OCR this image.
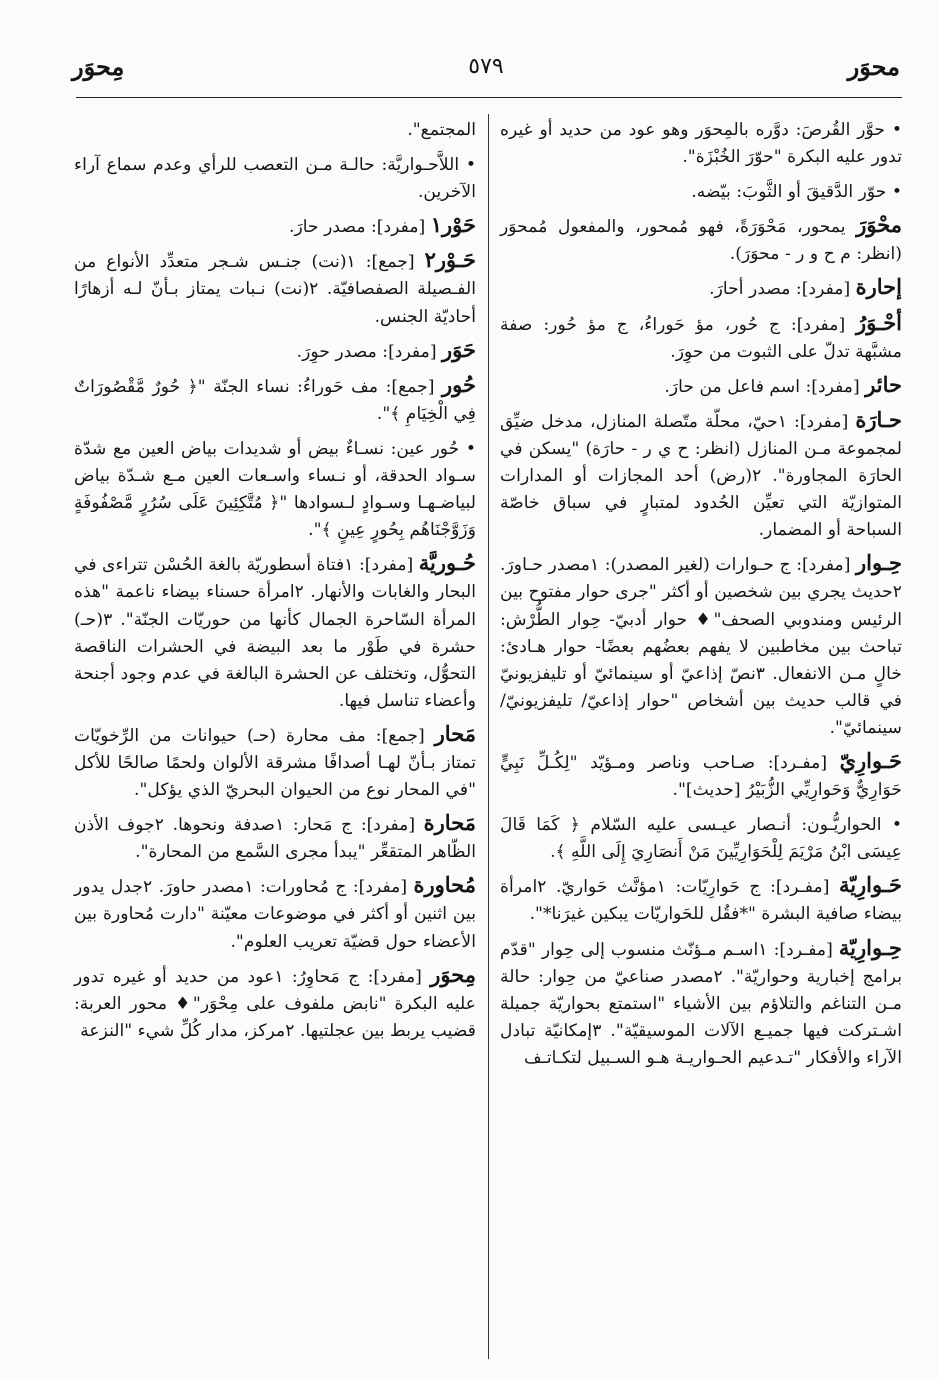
محوَر
٥٧٩
مِحوَر

• حوَّر القُرصَ: دوَّره بالمِحوَر وهو عود من حديد أو غيره تدور عليه البكرة "حوّرَ الخُبْزَة".

• حوّر الدَّقيقَ أو الثَّوبَ: بيّضه.

محْوَرَ يمحور، مَحْوَرَةً، فهو مُمحور، والمفعول مُمحوَر (انظر: م ح و ر - محوَرَ).

إحارة [مفرد]: مصدر أحارَ.

أحْـوَرُ [مفرد]: ج حُور، مؤ حَوراءُ، ج مؤ حُور: صفة مشبَّهة تدلّ على الثبوت من حوِرَ.

حائر [مفرد]: اسم فاعل من حارَ.

حـارَة [مفرد]: ١حيّ، محلّة متّصلة المنازل، مدخل ضيِّق لمجموعة مـن المنازل (انظر: ح ي ر - حارَة) "يسكن في الحارَة المجاورة". ٢(رض) أحد المجازات أو المدارات المتوازيّة التي تعيِّن الحُدود لمتبارٍ في سباق خاصّة السباحة أو المضمار.

حِـوار [مفرد]: ج حـوارات (لغير المصدر): ١مصدر حـاورَ. ٢حديث يجري بين شخصين أو أكثر "جرى حوار مفتوح بين الرئيس ومندوبي الصحف"♦ حوار أدبيّ- حِوار الطُّرْش: تباحث بين مخاطبين لا يفهم بعضُهم بعضًا- حوار هـادئ: خالٍ مـن الانفعال. ٣نصّ إذاعيّ أو سينمائيّ أو تليفزيونيّ في قالب حديث بين أشخاص "حوار إذاعيّ/ تليفزيونيّ/ سينمائيّ".

حَـوارِيّ [مفـرد]: صـاحب وناصر ومـؤيّد "لِكُـلِّ نَبِيٍّ حَوَارِيٌّ وَحَوارِيِّي الزُّبَيْرُ [حديث]".

• الحواريُّـون: أنـصار عيـسى عليه السّلام ﴿ كَمَا قَالَ عِيسَى ابْنُ مَرْيَمَ لِلْحَوَارِيِّينَ مَنْ أَنصَارِيَ إِلَى اللَّهِ ﴾.

حَـوارِيّة [مفـرد]: ج حَوارِيّات: ١مؤنَّث حَواريّ. ٢امرأة بيضاء صافية البشرة "*فقُل للحَواريّات يبكين غيرَنا*".

حِـوارِيّة [مفـرد]: ١اسـم مـؤنّث منسوب إلى حِوار "قدّم برامج إخبارية وحواريّة". ٢مصدر صناعيّ من حِوار: حالة مـن التناغم والتلاؤم بين الأشياء "استمتع بحواريّة جميلة اشـتركت فيها جميـع الآلات الموسيقيّة". ٣إمكانيّة تبادل الآراء والأفكار "تـدعيم الحـواريـة هـو السـبيل لتكـاتـف

المجتمع".

• اللاَّحـواريَّة: حالـة مـن التعصب للرأي وعدم سماع آراء الآخرين.

حَوْر١ [مفرد]: مصدر حارَ.

حَـوْر٢ [جمع]: ١(نت) جنـس شـجر متعدِّد الأنواع من الفـصيلة الصفصافيّة. ٢(نت) نـبات يمتاز بـأنّ لـه أزهارًا أحاديّة الجنس.

حَوَر [مفرد]: مصدر حوِرَ.

حُور [جمع]: مف حَوراءُ: نساء الجنّة "﴿ حُورٌ مَّقْصُورَاتٌ فِي الْخِيَامِ ﴾".

• حُور عين: نسـاءٌ بيض أو شديدات بياض العين مع شدّة سـواد الحدقة، أو نـساء واسـعات العين مـع شـدّة بياض لبياضـهـا وسـوادٍ لـسوادها "﴿ مُتَّكِئِينَ عَلَى سُرُرٍ مَّصْفُوفَةٍ وَزَوَّجْنَاهُم بِحُورٍ عِينٍ ﴾".

حُـوريَّة [مفرد]: ١فتاة أسطوريّة بالغة الحُسْن تتراءى في البحار والغابات والأنهار. ٢امرأة حسناء بيضاء ناعمة "هذه المرأة السّاحرة الجمال كأنها من حوريّات الجنّة". ٣(حـ) حشرة في طَوْر ما بعد البيضة في الحشرات الناقصة التحوُّل، وتختلف عن الحشرة البالغة في عدم وجود أجنحة وأعضاء تناسل فيها.

مَحار [جمع]: مف محارة (حـ) حيوانات من الرِّخويّات تمتاز بـأنّ لهـا أصدافًا مشرقة الألوان ولحمًا صالحًا للأكل "في المحار نوع من الحيوان البحريّ الذي يؤكل".

مَحارة [مفرد]: ج مَحار: ١صدفة ونحوها. ٢جوف الأذن الظّاهر المتقعِّر "يبدأ مجرى السَّمع من المحارة".

مُحاورة [مفرد]: ج مُحاورات: ١مصدر حاورَ. ٢جدل يدور بين اثنين أو أكثر في موضوعات معيّنة "دارت مُحاورة بين الأعضاء حول قضيّة تعريب العلوم".

مِحوَر [مفرد]: ج مَحاوِرُ: ١عود من حديد أو غيره تدور عليه البكرة "نابض ملفوف على مِحْوَر"♦ محور العربة: قضيب يربط بين عجلتيها. ٢مركز، مدار كُلِّ شيء "النزعة
